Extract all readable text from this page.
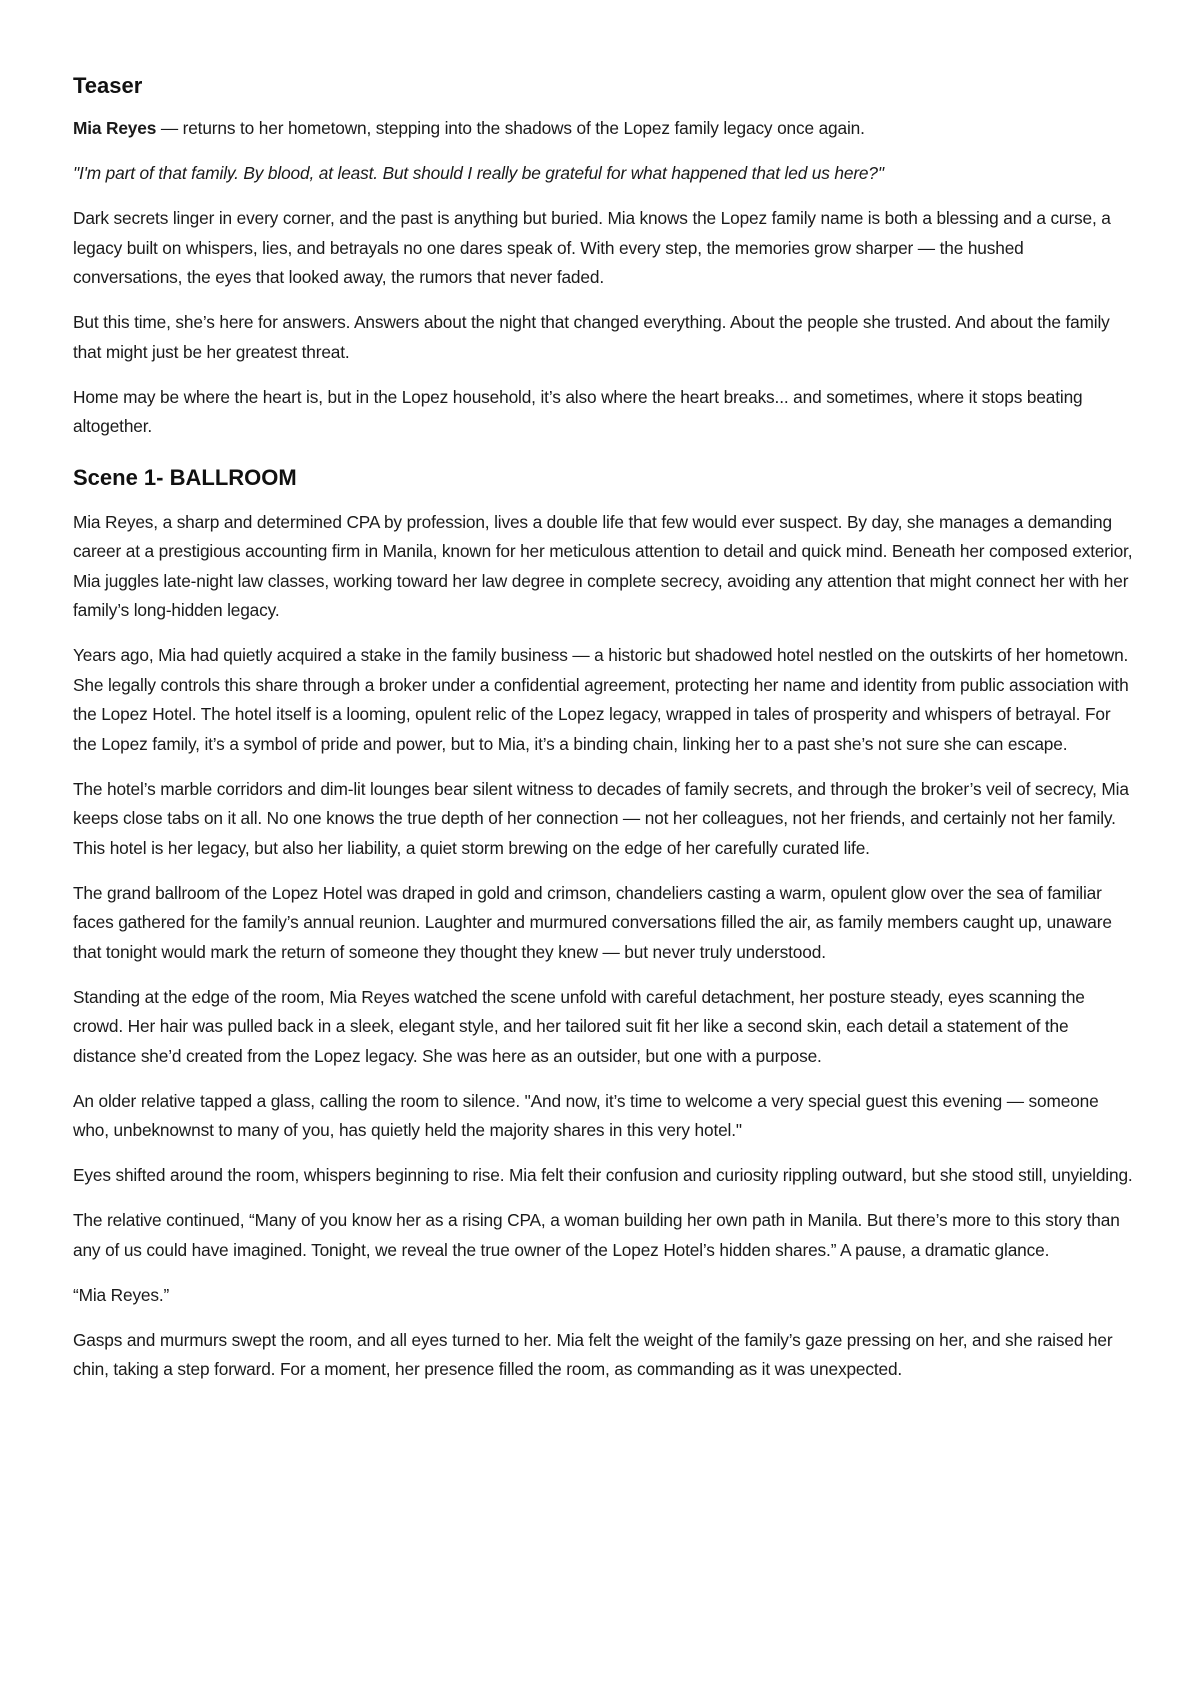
Teaser

Mia Reyes — returns to her hometown, stepping into the shadows of the Lopez family legacy once again.

"I'm part of that family. By blood, at least. But should I really be grateful for what happened that led us here?"

Dark secrets linger in every corner, and the past is anything but buried. Mia knows the Lopez family name is both a blessing and a curse, a legacy built on whispers, lies, and betrayals no one dares speak of. With every step, the memories grow sharper — the hushed conversations, the eyes that looked away, the rumors that never faded.

But this time, she’s here for answers. Answers about the night that changed everything. About the people she trusted. And about the family that might just be her greatest threat.

Home may be where the heart is, but in the Lopez household, it’s also where the heart breaks... and sometimes, where it stops beating altogether.

Scene 1- BALLROOM

Mia Reyes, a sharp and determined CPA by profession, lives a double life that few would ever suspect. By day, she manages a demanding career at a prestigious accounting firm in Manila, known for her meticulous attention to detail and quick mind. Beneath her composed exterior, Mia juggles late-night law classes, working toward her law degree in complete secrecy, avoiding any attention that might connect her with her family’s long-hidden legacy.

Years ago, Mia had quietly acquired a stake in the family business — a historic but shadowed hotel nestled on the outskirts of her hometown. She legally controls this share through a broker under a confidential agreement, protecting her name and identity from public association with the Lopez Hotel. The hotel itself is a looming, opulent relic of the Lopez legacy, wrapped in tales of prosperity and whispers of betrayal. For the Lopez family, it’s a symbol of pride and power, but to Mia, it’s a binding chain, linking her to a past she’s not sure she can escape.

The hotel’s marble corridors and dim-lit lounges bear silent witness to decades of family secrets, and through the broker’s veil of secrecy, Mia keeps close tabs on it all. No one knows the true depth of her connection — not her colleagues, not her friends, and certainly not her family. This hotel is her legacy, but also her liability, a quiet storm brewing on the edge of her carefully curated life.

The grand ballroom of the Lopez Hotel was draped in gold and crimson, chandeliers casting a warm, opulent glow over the sea of familiar faces gathered for the family’s annual reunion. Laughter and murmured conversations filled the air, as family members caught up, unaware that tonight would mark the return of someone they thought they knew — but never truly understood.

Standing at the edge of the room, Mia Reyes watched the scene unfold with careful detachment, her posture steady, eyes scanning the crowd. Her hair was pulled back in a sleek, elegant style, and her tailored suit fit her like a second skin, each detail a statement of the distance she’d created from the Lopez legacy. She was here as an outsider, but one with a purpose.

An older relative tapped a glass, calling the room to silence. "And now, it’s time to welcome a very special guest this evening — someone who, unbeknownst to many of you, has quietly held the majority shares in this very hotel."

Eyes shifted around the room, whispers beginning to rise. Mia felt their confusion and curiosity rippling outward, but she stood still, unyielding.

The relative continued, “Many of you know her as a rising CPA, a woman building her own path in Manila. But there’s more to this story than any of us could have imagined. Tonight, we reveal the true owner of the Lopez Hotel’s hidden shares.” A pause, a dramatic glance.

“Mia Reyes.”

Gasps and murmurs swept the room, and all eyes turned to her. Mia felt the weight of the family’s gaze pressing on her, and she raised her chin, taking a step forward. For a moment, her presence filled the room, as commanding as it was unexpected.
